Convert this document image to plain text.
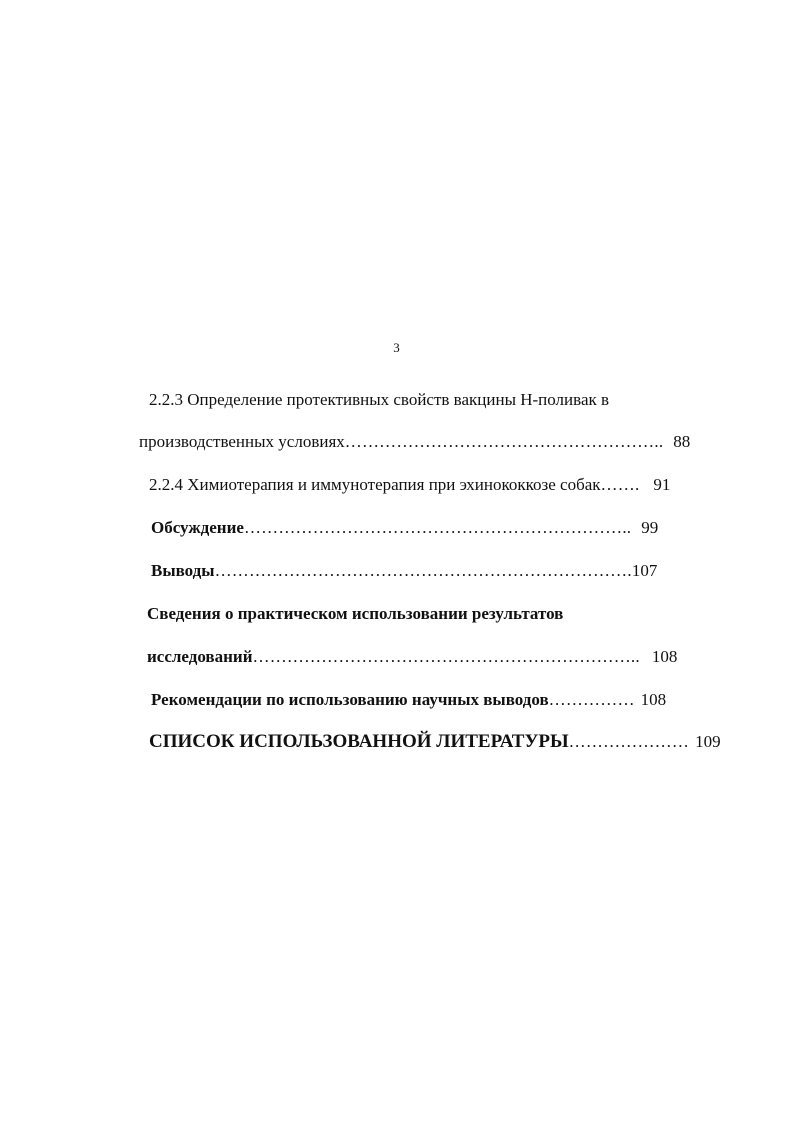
3
2.2.3 Определение протективных свойств вакцины Н-поливак в
производственных условиях……………………………………………….. 88
2.2.4 Химиотерапия и иммунотерапия при эхинококкозе собак……. 91
Обсуждение………………………………………………………….. 99
Выводы……………………………………………………………….107
Сведения о практическом использовании результатов
исследований………………………………………………………….. 108
Рекомендации по использованию научных выводов…………… 108
СПИСОК ИСПОЛЬЗОВАННОЙ ЛИТЕРАТУРЫ………………… 109
